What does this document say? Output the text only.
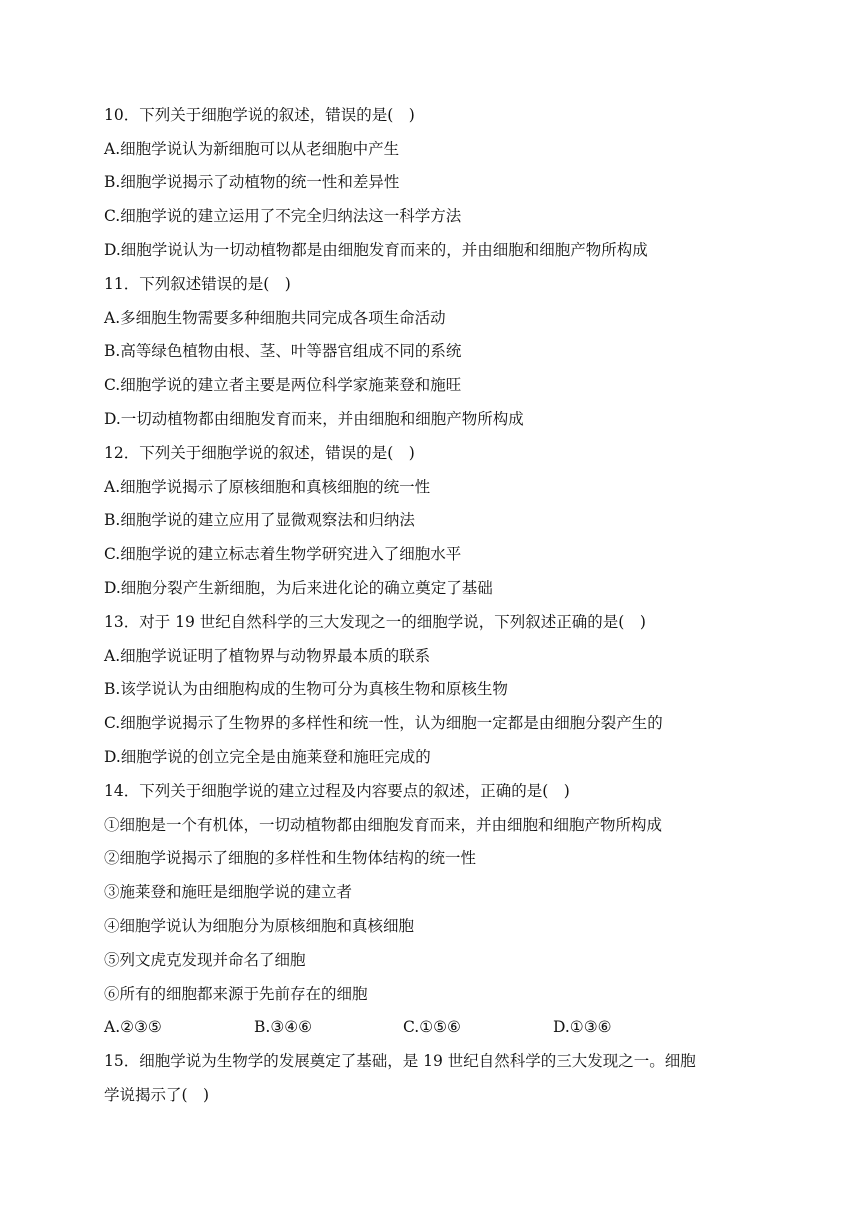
10．下列关于细胞学说的叙述，错误的是(　)
A.细胞学说认为新细胞可以从老细胞中产生
B.细胞学说揭示了动植物的统一性和差异性
C.细胞学说的建立运用了不完全归纳法这一科学方法
D.细胞学说认为一切动植物都是由细胞发育而来的，并由细胞和细胞产物所构成
11．下列叙述错误的是(　)
A.多细胞生物需要多种细胞共同完成各项生命活动
B.高等绿色植物由根、茎、叶等器官组成不同的系统
C.细胞学说的建立者主要是两位科学家施莱登和施旺
D.一切动植物都由细胞发育而来，并由细胞和细胞产物所构成
12．下列关于细胞学说的叙述，错误的是(　)
A.细胞学说揭示了原核细胞和真核细胞的统一性
B.细胞学说的建立应用了显微观察法和归纳法
C.细胞学说的建立标志着生物学研究进入了细胞水平
D.细胞分裂产生新细胞，为后来进化论的确立奠定了基础
13．对于 19 世纪自然科学的三大发现之一的细胞学说，下列叙述正确的是(　)
A.细胞学说证明了植物界与动物界最本质的联系
B.该学说认为由细胞构成的生物可分为真核生物和原核生物
C.细胞学说揭示了生物界的多样性和统一性，认为细胞一定都是由细胞分裂产生的
D.细胞学说的创立完全是由施莱登和施旺完成的
14．下列关于细胞学说的建立过程及内容要点的叙述，正确的是(　)
①细胞是一个有机体，一切动植物都由细胞发育而来，并由细胞和细胞产物所构成
②细胞学说揭示了细胞的多样性和生物体结构的统一性
③施莱登和施旺是细胞学说的建立者
④细胞学说认为细胞分为原核细胞和真核细胞
⑤列文虎克发现并命名了细胞
⑥所有的细胞都来源于先前存在的细胞
A.②③⑤	B.③④⑥	C.①⑤⑥	D.①③⑥
15．细胞学说为生物学的发展奠定了基础，是 19 世纪自然科学的三大发现之一。细胞
学说揭示了(　)
